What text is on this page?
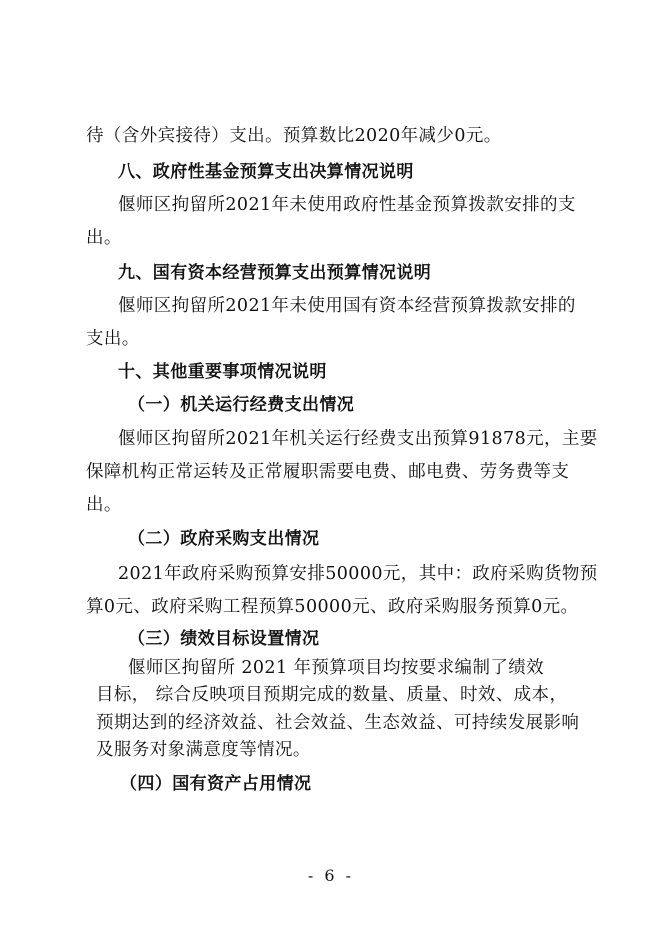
待（含外宾接待）支出。预算数比2020年减少0元。
八、政府性基金预算支出决算情况说明
偃师区拘留所2021年未使用政府性基金预算拨款安排的支
出。
九、国有资本经营预算支出预算情况说明
偃师区拘留所2021年未使用国有资本经营预算拨款安排的
支出。
十、其他重要事项情况说明
（一）机关运行经费支出情况
偃师区拘留所2021年机关运行经费支出预算91878元，主要
保障机构正常运转及正常履职需要电费、邮电费、劳务费等支
出。
（二）政府采购支出情况
2021年政府采购预算安排50000元，其中：政府采购货物预
算0元、政府采购工程预算50000元、政府采购服务预算0元。
（三）绩效目标设置情况
偃师区拘留所 2021 年预算项目均按要求编制了绩效
目标， 综合反映项目预期完成的数量、质量、时效、成本，
预期达到的经济效益、社会效益、生态效益、可持续发展影响
及服务对象满意度等情况。
（四）国有资产占用情况
- 6 -
